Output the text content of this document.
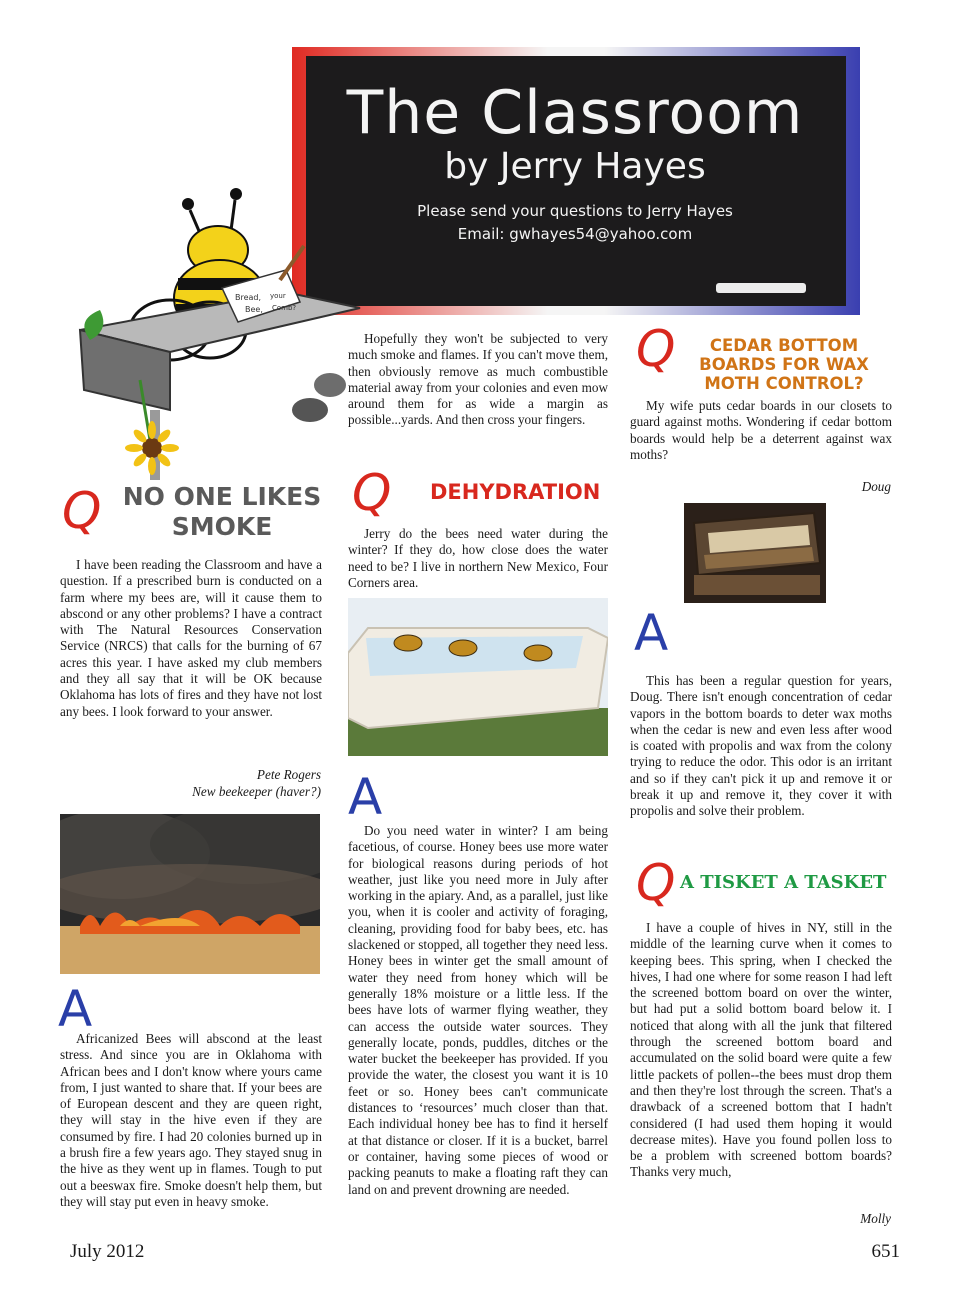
The Classroom
by Jerry Hayes
Please send your questions to Jerry Hayes
Email: gwhayes54@yahoo.com
Bread,
Bee,
your
Comb?
Q NO ONE LIKES
SMOKE
I have been reading the Classroom and have a question. If a prescribed burn is conducted on a farm where my bees are, will it cause them to abscond or any other problems? I have a contract with The Natural Resources Conservation Service (NRCS) that calls for the burning of 67 acres this year. I have asked my club members and they all say that it will be OK because Oklahoma has lots of fires and they have not lost any bees. I look forward to your answer.
Pete Rogers
New beekeeper (haver?)
A
Africanized Bees will abscond at the least stress. And since you are in Oklahoma with African bees and I don't know where yours came from, I just wanted to share that. If your bees are of European descent and they are queen right, they will stay in the hive even if they are consumed by fire. I had 20 colonies burned up in a brush fire a few years ago. They stayed snug in the hive as they went up in flames. Tough to put out a beeswax fire. Smoke doesn't help them, but they will stay put even in heavy smoke.
Hopefully they won't be subjected to very much smoke and flames. If you can't move them, then obviously remove as much combustible material away from your colonies and even mow around them for as wide a margin as possible...yards. And then cross your fingers.
Q DEHYDRATION
Jerry do the bees need water during the winter? If they do, how close does the water need to be? I live in northern New Mexico, Four Corners area.
A
Do you need water in winter? I am being facetious, of course. Honey bees use more water for biological reasons during periods of hot weather, just like you need more in July after working in the apiary. And, as a parallel, just like you, when it is cooler and activity of foraging, cleaning, providing food for baby bees, etc. has slackened or stopped, all together they need less. Honey bees in winter get the small amount of water they need from honey which will be generally 18% moisture or a little less. If the bees have lots of warmer flying weather, they can access the outside water sources. They generally locate, ponds, puddles, ditches or the water bucket the beekeeper has provided. If you provide the water, the closest you want it is 10 feet or so. Honey bees can't communicate distances to ‘resources’ much closer than that. Each individual honey bee has to find it herself at that distance or closer. If it is a bucket, barrel or container, having some pieces of wood or packing peanuts to make a floating raft they can land on and prevent drowning are needed.
Q	CEDAR BOTTOM
BOARDS FOR WAX
MOTH CONTROL?
My wife puts cedar boards in our closets to guard against moths. Wondering if cedar bottom boards would help be a deterrent against wax moths?
Doug
A
This has been a regular question for years, Doug. There isn't enough concentration of cedar vapors in the bottom boards to deter wax moths when the cedar is new and even less after wood is coated with propolis and wax from the colony trying to reduce the odor. This odor is an irritant and so if they can't pick it up and remove it or break it up and remove it, they cover it with propolis and solve their problem.
Q A TISKET A TASKET
I have a couple of hives in NY, still in the middle of the learning curve when it comes to keeping bees. This spring, when I checked the hives, I had one where for some reason I had left the screened bottom board on over the winter, but had put a solid bottom board below it. I noticed that along with all the junk that filtered through the screened bottom board and accumulated on the solid board were quite a few little packets of pollen--the bees must drop them and then they're lost through the screen. That's a drawback of a screened bottom that I hadn't considered (I had used them hoping it would decrease mites). Have you found pollen loss to be a problem with screened bottom boards? Thanks very much,
Molly
July 2012	651
